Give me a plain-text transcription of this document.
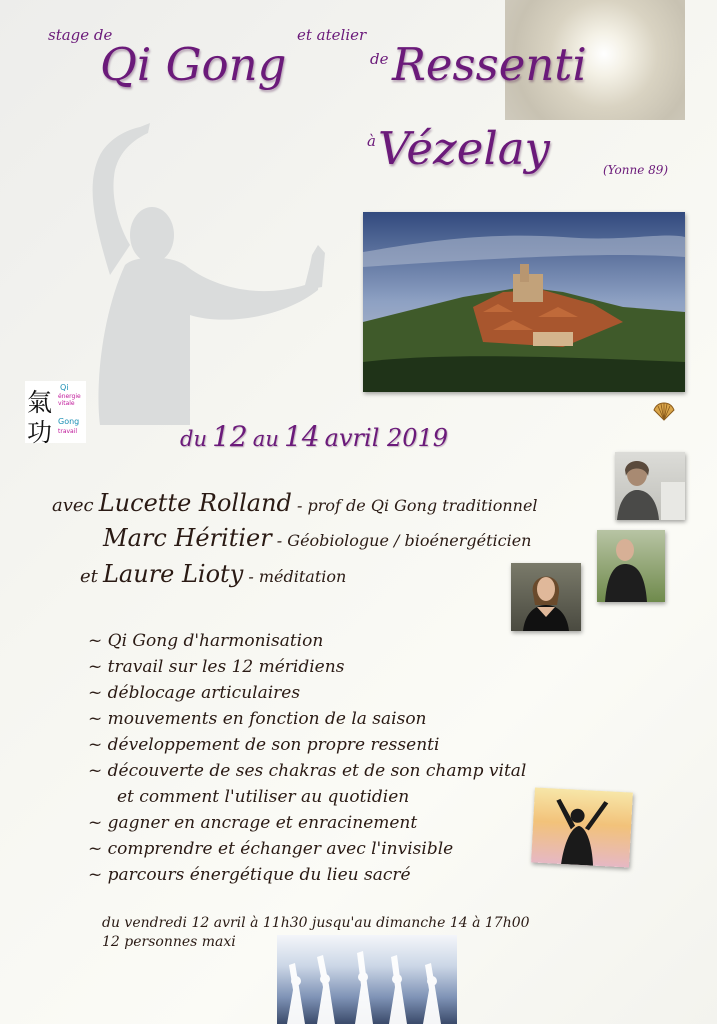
stage de
Qi Gong
et atelier
de Ressenti
à Vézelay	(Yonne 89)
氣
功
Qi
énergie vitale
Gong
travail	du 12 au 14 avril 2019
avec Lucette Rolland - prof de Qi Gong traditionnel
Marc Héritier - Géobiologue / bioénergéticien
et Laure Lioty - méditation
~ Qi Gong d'harmonisation
~ travail sur les 12 méridiens
~ déblocage articulaires
~ mouvements en fonction de la saison
~ développement de son propre ressenti
~ découverte de ses chakras et de son champ vital
et comment l'utiliser au quotidien
~ gagner en ancrage et enracinement
~ comprendre et échanger avec l'invisible
~ parcours énergétique du lieu sacré
du vendredi 12 avril à 11h30 jusqu'au dimanche 14 à 17h00
12 personnes maxi
